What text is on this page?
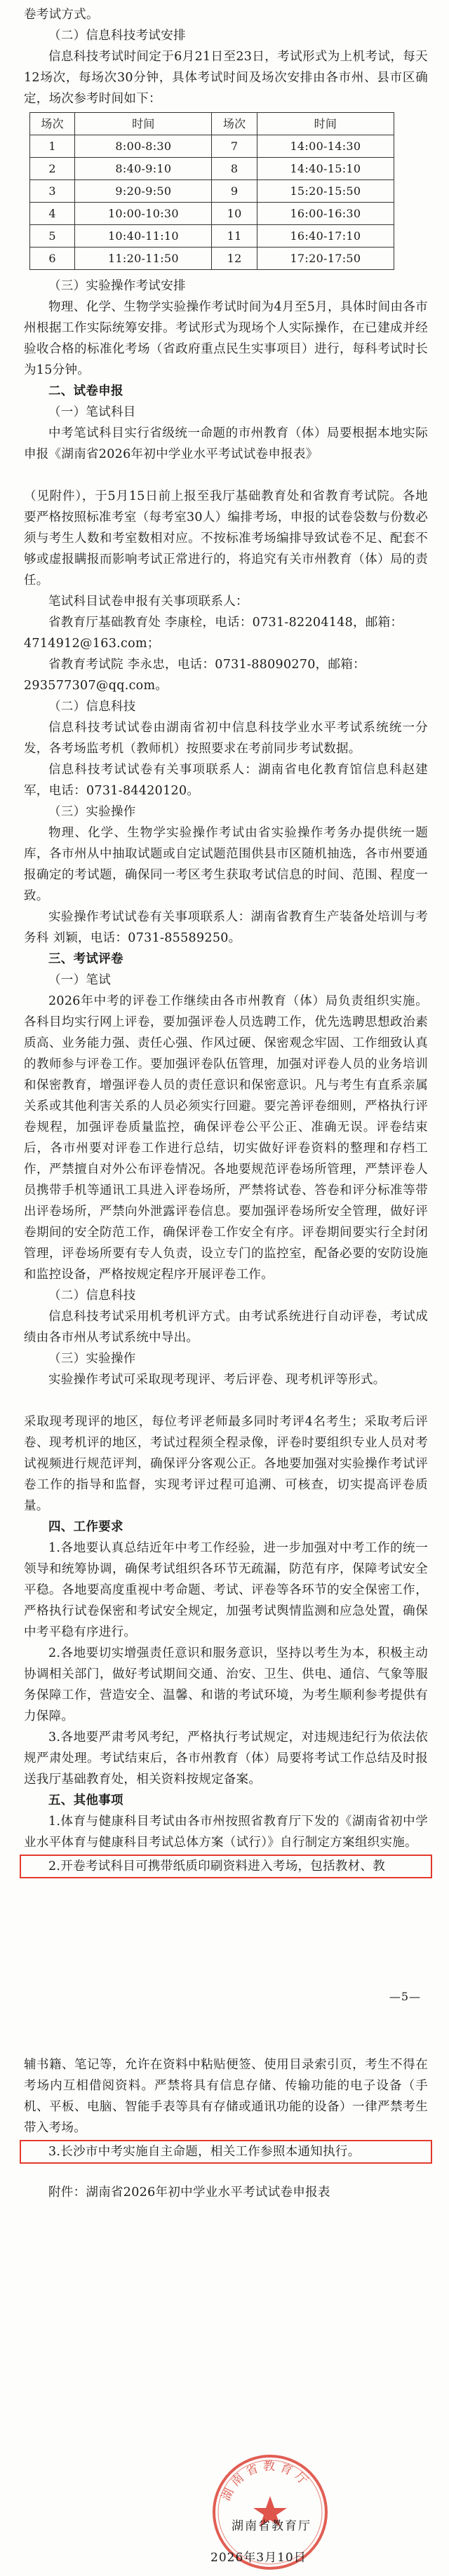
卷考试方式。

（二）信息科技考试安排

信息科技考试时间定于6月21日至23日，考试形式为上机考试，每天12场次，每场次30分钟，具体考试时间及场次安排由各市州、县市区确定，场次参考时间如下：

场次	时间	场次	时间
1	8:00-8:30	7	14:00-14:30
2	8:40-9:10	8	14:40-15:10
3	9:20-9:50	9	15:20-15:50
4	10:00-10:30	10	16:00-16:30
5	10:40-11:10	11	16:40-17:10
6	11:20-11:50	12	17:20-17:50

（三）实验操作考试安排

物理、化学、生物学实验操作考试时间为4月至5月，具体时间由各市州根据工作实际统筹安排。考试形式为现场个人实际操作，在已建成并经验收合格的标准化考场（省政府重点民生实事项目）进行，每科考试时长为15分钟。

二、试卷申报

（一）笔试科目

中考笔试科目实行省级统一命题的市州教育（体）局要根据本地实际申报《湖南省2026年初中学业水平考试试卷申报表》

（见附件），于5月15日前上报至我厅基础教育处和省教育考试院。各地要严格按照标准考室（每考室30人）编排考场，申报的试卷袋数与份数必须与考生人数和考室数相对应。不按标准考场编排导致试卷不足、配套不够或虚报瞒报而影响考试正常进行的，将追究有关市州教育（体）局的责任。

笔试科目试卷申报有关事项联系人：

省教育厅基础教育处 李康栓，电话：0731-82204148，邮箱：

4714912@163.com；

省教育考试院 李永忠，电话：0731-88090270，邮箱：

293577307@qq.com。

（二）信息科技

信息科技考试试卷由湖南省初中信息科技学业水平考试系统统一分发，各考场监考机（教师机）按照要求在考前同步考试数据。

信息科技考试试卷有关事项联系人：湖南省电化教育馆信息科赵建军，电话：0731-84420120。

（三）实验操作

物理、化学、生物学实验操作考试由省实验操作考务办提供统一题库，各市州从中抽取试题或自定试题范围供县市区随机抽选，各市州要通报确定的考试题，确保同一考区考生获取考试信息的时间、范围、程度一致。

实验操作考试试卷有关事项联系人：湖南省教育生产装备处培训与考务科 刘颖，电话：0731-85589250。

三、考试评卷

（一）笔试

2026年中考的评卷工作继续由各市州教育（体）局负责组织实施。各科目均实行网上评卷，要加强评卷人员选聘工作，优先选聘思想政治素质高、业务能力强、责任心强、作风过硬、保密观念牢固、工作细致认真的教师参与评卷工作。要加强评卷队伍管理，加强对评卷人员的业务培训和保密教育，增强评卷人员的责任意识和保密意识。凡与考生有直系亲属关系或其他利害关系的人员必须实行回避。要完善评卷细则，严格执行评卷规程，加强评卷质量监控，确保评卷公平公正、准确无误。评卷结束后，各市州要对评卷工作进行总结，切实做好评卷资料的整理和存档工作，严禁擅自对外公布评卷情况。各地要规范评卷场所管理，严禁评卷人员携带手机等通讯工具进入评卷场所，严禁将试卷、答卷和评分标准等带出评卷场所，严禁向外泄露评卷信息。要加强评卷场所安全管理，做好评卷期间的安全防范工作，确保评卷工作安全有序。评卷期间要实行全封闭管理，评卷场所要有专人负责，设立专门的监控室，配备必要的安防设施和监控设备，严格按规定程序开展评卷工作。

（二）信息科技

信息科技考试采用机考机评方式。由考试系统进行自动评卷，考试成绩由各市州从考试系统中导出。

（三）实验操作

实验操作考试可采取现考现评、考后评卷、现考机评等形式。

采取现考现评的地区，每位考评老师最多同时考评4名考生；采取考后评卷、现考机评的地区，考试过程须全程录像，评卷时要组织专业人员对考试视频进行规范评判，确保评分客观公正。各地要加强对实验操作考试评卷工作的指导和监督，实现考评过程可追溯、可核查，切实提高评卷质量。

四、工作要求

1.各地要认真总结近年中考工作经验，进一步加强对中考工作的统一领导和统筹协调，确保考试组织各环节无疏漏，防范有序，保障考试安全平稳。各地要高度重视中考命题、考试、评卷等各环节的安全保密工作，严格执行试卷保密和考试安全规定，加强考试舆情监测和应急处置，确保中考平稳有序进行。

2.各地要切实增强责任意识和服务意识，坚持以考生为本，积极主动协调相关部门，做好考试期间交通、治安、卫生、供电、通信、气象等服务保障工作，营造安全、温馨、和谐的考试环境，为考生顺利参考提供有力保障。

3.各地要严肃考风考纪，严格执行考试规定，对违规违纪行为依法依规严肃处理。考试结束后，各市州教育（体）局要将考试工作总结及时报送我厅基础教育处，相关资料按规定备案。

五、其他事项

1.体育与健康科目考试由各市州按照省教育厅下发的《湖南省初中学业水平体育与健康科目考试总体方案（试行）》自行制定方案组织实施。

2.开卷考试科目可携带纸质印刷资料进入考场，包括教材、教

—5—

辅书籍、笔记等，允许在资料中粘贴便签、使用目录索引页，考生不得在考场内互相借阅资料。严禁将具有信息存储、传输功能的电子设备（手机、平板、电脑、智能手表等具有存储或通讯功能的设备）一律严禁考生带入考场。

3.长沙市中考实施自主命题，相关工作参照本通知执行。

附件：湖南省2026年初中学业水平考试试卷申报表

湖南省教育厅
湖南省教育厅
2026年3月10日
